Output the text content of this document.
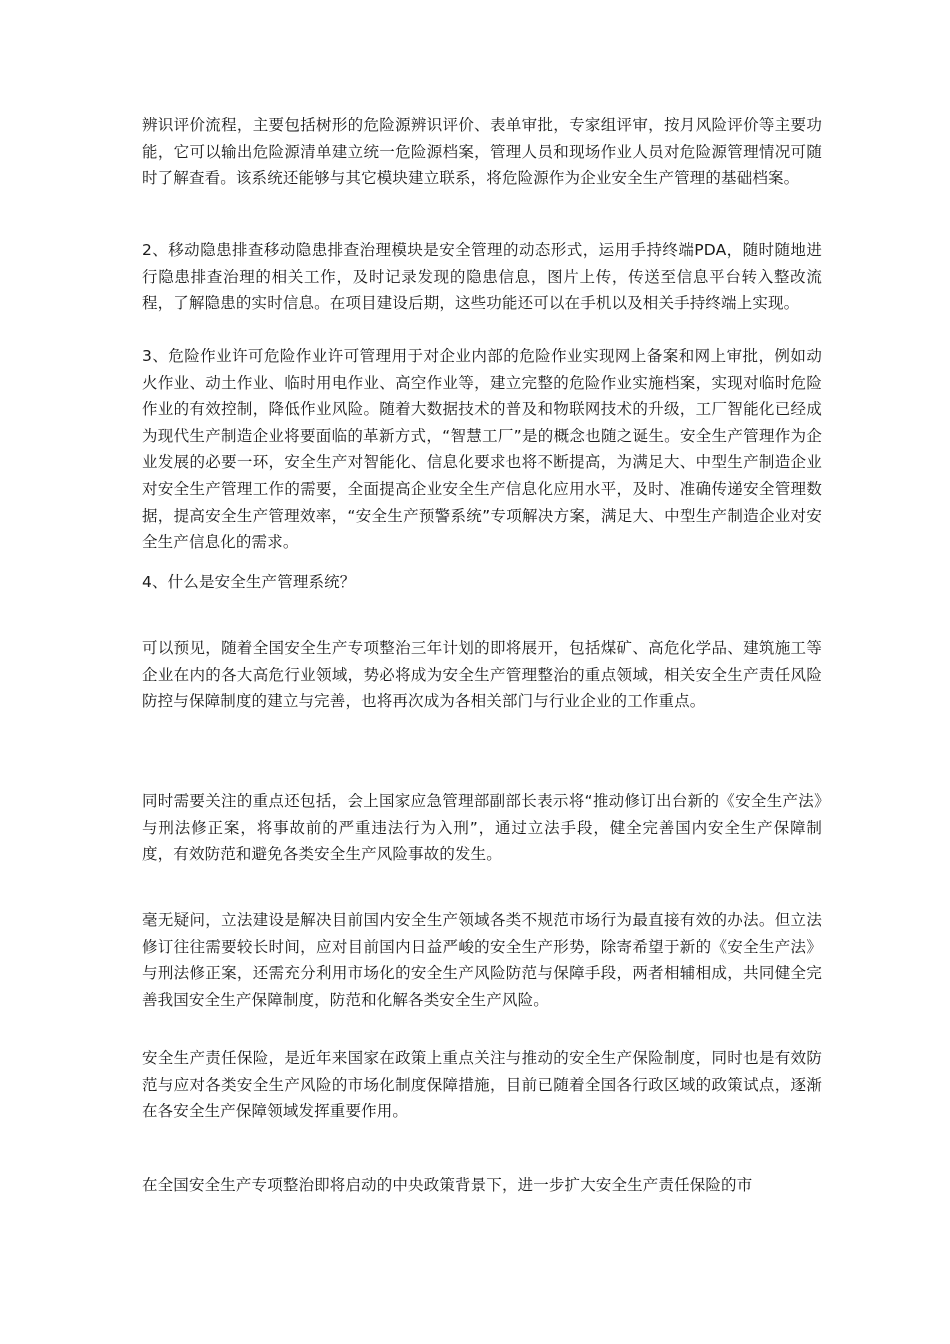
辨识评价流程，主要包括树形的危险源辨识评价、表单审批，专家组评审，按月风险评价等主要功能，它可以输出危险源清单建立统一危险源档案，管理人员和现场作业人员对危险源管理情况可随时了解查看。该系统还能够与其它模块建立联系，将危险源作为企业安全生产管理的基础档案。

2、移动隐患排查移动隐患排查治理模块是安全管理的动态形式，运用手持终端PDA，随时随地进行隐患排查治理的相关工作，及时记录发现的隐患信息，图片上传，传送至信息平台转入整改流程，了解隐患的实时信息。在项目建设后期，这些功能还可以在手机以及相关手持终端上实现。

3、危险作业许可危险作业许可管理用于对企业内部的危险作业实现网上备案和网上审批，例如动火作业、动土作业、临时用电作业、高空作业等，建立完整的危险作业实施档案，实现对临时危险作业的有效控制，降低作业风险。随着大数据技术的普及和物联网技术的升级，工厂智能化已经成为现代生产制造企业将要面临的革新方式，“智慧工厂”是的概念也随之诞生。安全生产管理作为企业发展的必要一环，安全生产对智能化、信息化要求也将不断提高，为满足大、中型生产制造企业对安全生产管理工作的需要，全面提高企业安全生产信息化应用水平，及时、准确传递安全管理数据，提高安全生产管理效率，“安全生产预警系统”专项解决方案，满足大、中型生产制造企业对安全生产信息化的需求。

4、什么是安全生产管理系统？

可以预见，随着全国安全生产专项整治三年计划的即将展开，包括煤矿、高危化学品、建筑施工等企业在内的各大高危行业领域，势必将成为安全生产管理整治的重点领域，相关安全生产责任风险防控与保障制度的建立与完善，也将再次成为各相关部门与行业企业的工作重点。

同时需要关注的重点还包括，会上国家应急管理部副部长表示将“推动修订出台新的《安全生产法》与刑法修正案，将事故前的严重违法行为入刑”，通过立法手段，健全完善国内安全生产保障制度，有效防范和避免各类安全生产风险事故的发生。

毫无疑问，立法建设是解决目前国内安全生产领域各类不规范市场行为最直接有效的办法。但立法修订往往需要较长时间，应对目前国内日益严峻的安全生产形势，除寄希望于新的《安全生产法》与刑法修正案，还需充分利用市场化的安全生产风险防范与保障手段，两者相辅相成，共同健全完善我国安全生产保障制度，防范和化解各类安全生产风险。

安全生产责任保险，是近年来国家在政策上重点关注与推动的安全生产保险制度，同时也是有效防范与应对各类安全生产风险的市场化制度保障措施，目前已随着全国各行政区域的政策试点，逐渐在各安全生产保障领域发挥重要作用。

在全国安全生产专项整治即将启动的中央政策背景下，进一步扩大安全生产责任保险的市
